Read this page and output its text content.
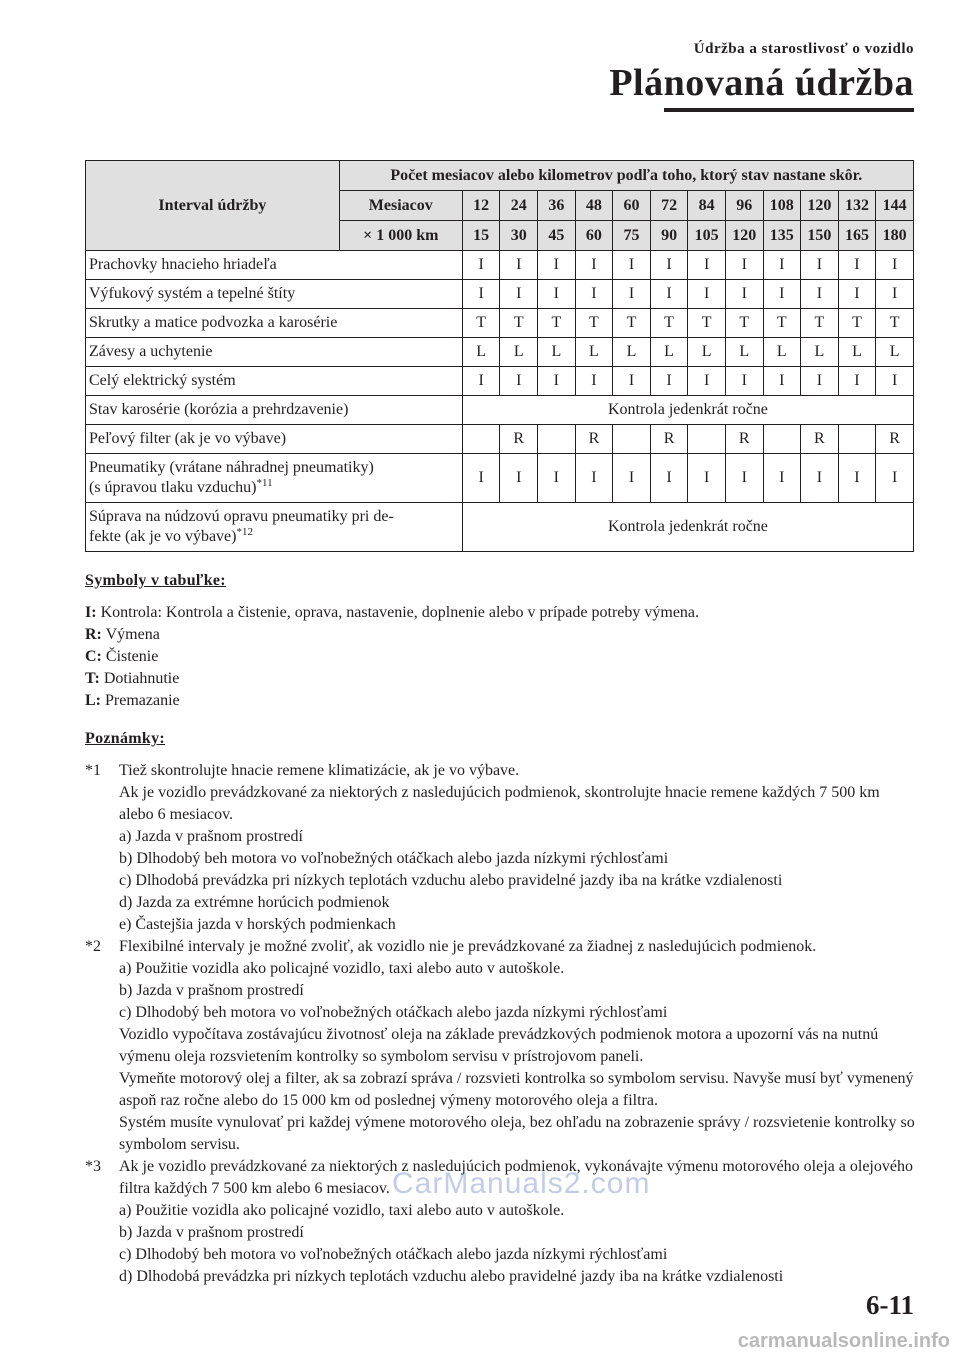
Údržba a starostlivosť o vozidlo
Plánovaná údržba
Interval údržby	Počet mesiacov alebo kilometrov podľa toho, ktorý stav nastane skôr.												
	Mesiacov	12	24	36	48	60	72	84	96	108	120	132	144
	× 1 000 km	15	30	45	60	75	90	105	120	135	150	165	180
Prachovky hnacieho hriadeľa		I	I	I	I	I	I	I	I	I	I	I	I
Výfukový systém a tepelné štíty		I	I	I	I	I	I	I	I	I	I	I	I
Skrutky a matice podvozka a karosérie		T	T	T	T	T	T	T	T	T	T	T	T
Závesy a uchytenie		L	L	L	L	L	L	L	L	L	L	L	L
Celý elektrický systém		I	I	I	I	I	I	I	I	I	I	I	I
Stav karosérie (korózia a prehrdzavenie)		Kontrola jedenkrát ročne											
Peľový filter (ak je vo výbave)			R		R		R		R		R		R
Pneumatiky (vrátane náhradnej pneumatiky)
(s úpravou tlaku vzduchu)$^{*11}$		I	I	I	I	I	I	I	I	I	I	I	I
Súprava na núdzovú opravu pneumatiky pri de-
fekte (ak je vo výbave)$^{*12}$		Kontrola jedenkrát ročne											
Symboly v tabuľke:
I: Kontrola: Kontrola a čistenie, oprava, nastavenie, doplnenie alebo v prípade potreby výmena.
R: Výmena
C: Čistenie
T: Dotiahnutie
L: Premazanie
Poznámky:
*1 Tiež skontrolujte hnacie remene klimatizácie, ak je vo výbave.
Ak je vozidlo prevádzkované za niektorých z nasledujúcich podmienok, skontrolujte hnacie remene každých 7 500 km alebo 6 mesiacov.
a) Jazda v prašnom prostredí
b) Dlhodobý beh motora vo voľnobežných otáčkach alebo jazda nízkymi rýchlosťami
c) Dlhodobá prevádzka pri nízkych teplotách vzduchu alebo pravidelné jazdy iba na krátke vzdialenosti
d) Jazda za extrémne horúcich podmienok
e) Častejšia jazda v horských podmienkach
*2 Flexibilné intervaly je možné zvoliť, ak vozidlo nie je prevádzkované za žiadnej z nasledujúcich podmienok.
a) Použitie vozidla ako policajné vozidlo, taxi alebo auto v autoškole.
b) Jazda v prašnom prostredí
c) Dlhodobý beh motora vo voľnobežných otáčkach alebo jazda nízkymi rýchlosťami
Vozidlo vypočítava zostávajúcu životnosť oleja na základe prevádzkových podmienok motora a upozorní vás na nutnú výmenu oleja rozsvietením kontrolky so symbolom servisu v prístrojovom paneli.
Vymeňte motorový olej a filter, ak sa zobrazí správa / rozsvieti kontrolka so symbolom servisu. Navyše musí byť vymenený aspoň raz ročne alebo do 15 000 km od poslednej výmeny motorového oleja a filtra.
Systém musíte vynulovať pri každej výmene motorového oleja, bez ohľadu na zobrazenie správy / rozsvietenie kontrolky so symbolom servisu.
*3 Ak je vozidlo prevádzkované za niektorých z nasledujúcich podmienok, vykonávajte výmenu motorového oleja a olejového filtra každých 7 500 km alebo 6 mesiacov.
a) Použitie vozidla ako policajné vozidlo, taxi alebo auto v autoškole.
b) Jazda v prašnom prostredí
c) Dlhodobý beh motora vo voľnobežných otáčkach alebo jazda nízkymi rýchlosťami
d) Dlhodobá prevádzka pri nízkych teplotách vzduchu alebo pravidelné jazdy iba na krátke vzdialenosti
6-11
CarManuals2.com
carmanualsonline.info
